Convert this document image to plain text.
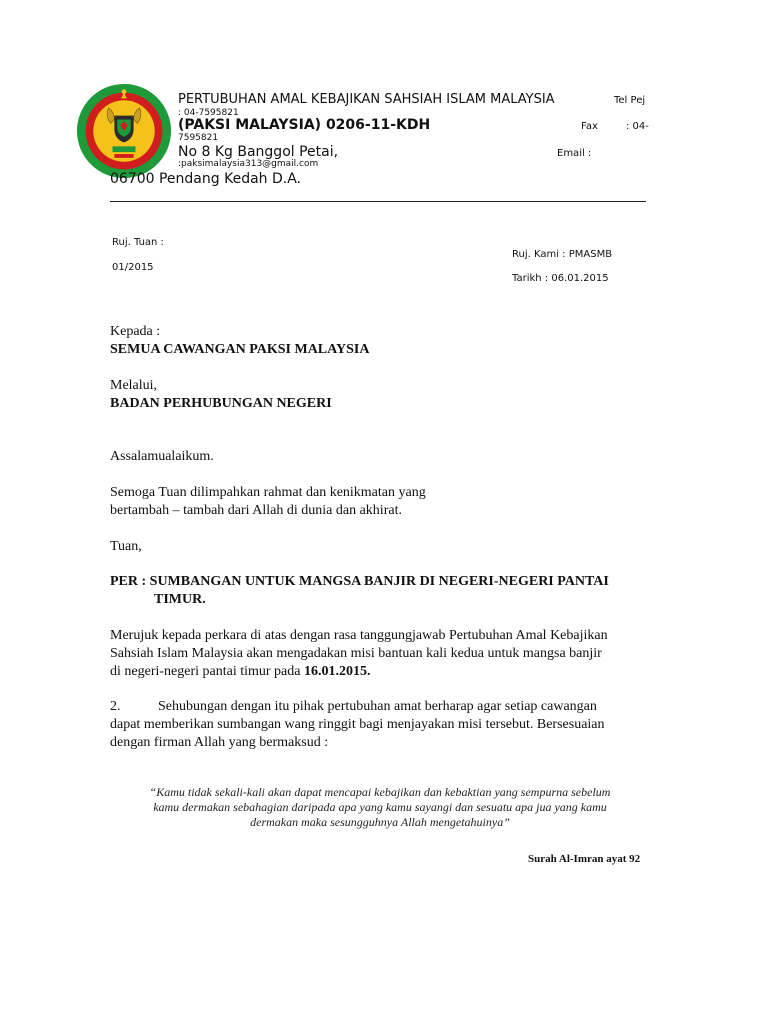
PERTUBUHAN AMAL KEBAJIKAN SAHSIAH ISLAM MALAYSIA
(PAKSI MALAYSIA) 0206-11-KDH
No 8 Kg Banggol Petai,
06700 Pendang Kedah D.A.
Tel Pej
: 04-7595821
Fax	: 04-
7595821
Email :
:paksimalaysia313@gmail.com
Ruj. Tuan :
01/2015
Ruj. Kami : PMASMB
Tarikh : 06.01.2015
Kepada :
SEMUA CAWANGAN PAKSI MALAYSIA
Melalui,
BADAN PERHUBUNGAN NEGERI
Assalamualaikum.
Semoga Tuan dilimpahkan rahmat dan kenikmatan yang
bertambah – tambah dari Allah di dunia dan akhirat.
Tuan,
PER : SUMBANGAN UNTUK MANGSA BANJIR DI NEGERI-NEGERI PANTAI
TIMUR.
Merujuk kepada perkara di atas dengan rasa tanggungjawab Pertubuhan Amal Kebajikan
Sahsiah Islam Malaysia akan mengadakan misi bantuan kali kedua untuk mangsa banjir
di negeri-negeri pantai timur pada 16.01.2015.
2.	Sehubungan dengan itu pihak pertubuhan amat berharap agar setiap cawangan
dapat memberikan sumbangan wang ringgit bagi menjayakan misi tersebut. Bersesuaian
dengan firman Allah yang bermaksud :
“Kamu tidak sekali-kali akan dapat mencapai kebajikan dan kebaktian yang sempurna sebelum
kamu dermakan sebahagian daripada apa yang kamu sayangi dan sesuatu apa jua yang kamu
dermakan maka sesungguhnya Allah mengetahuinya”
Surah Al-Imran ayat 92
